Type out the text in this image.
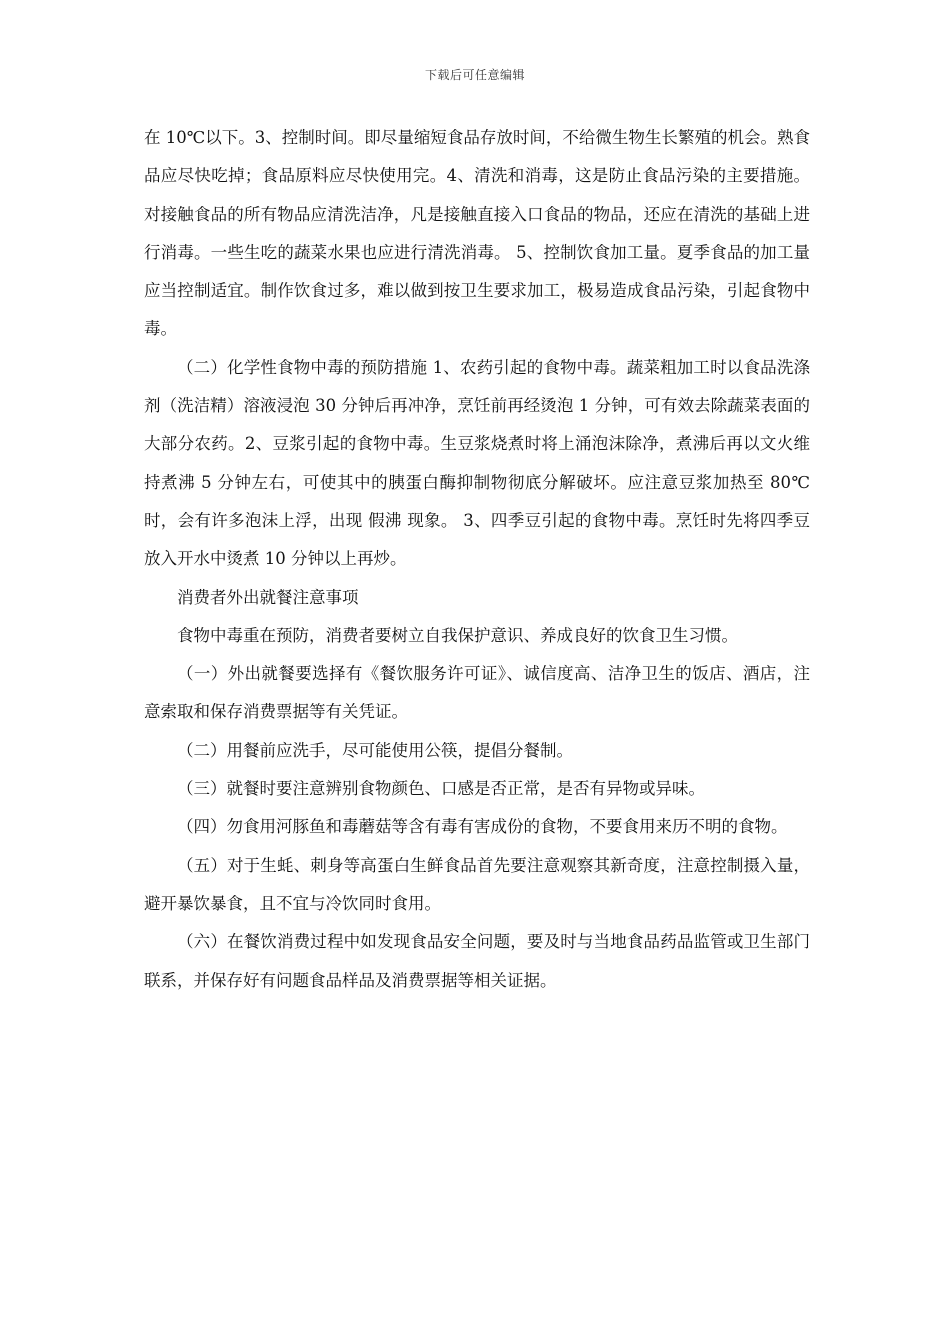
下载后可任意编辑

在 10℃以下。3、控制时间。即尽量缩短食品存放时间，不给微生物生长繁殖的机会。熟食品应尽快吃掉；食品原料应尽快使用完。4、清洗和消毒，这是防止食品污染的主要措施。对接触食品的所有物品应清洗洁净，凡是接触直接入口食品的物品，还应在清洗的基础上进行消毒。一些生吃的蔬菜水果也应进行清洗消毒。 5、控制饮食加工量。夏季食品的加工量应当控制适宜。制作饮食过多，难以做到按卫生要求加工，极易造成食品污染，引起食物中毒。

（二）化学性食物中毒的预防措施 1、农药引起的食物中毒。蔬菜粗加工时以食品洗涤剂（洗洁精）溶液浸泡 30 分钟后再冲净，烹饪前再经烫泡 1 分钟，可有效去除蔬菜表面的大部分农药。2、豆浆引起的食物中毒。生豆浆烧煮时将上涌泡沫除净，煮沸后再以文火维持煮沸 5 分钟左右，可使其中的胰蛋白酶抑制物彻底分解破坏。应注意豆浆加热至 80℃时，会有许多泡沫上浮，出现 假沸 现象。 3、四季豆引起的食物中毒。烹饪时先将四季豆放入开水中烫煮 10 分钟以上再炒。

消费者外出就餐注意事项

食物中毒重在预防，消费者要树立自我保护意识、养成良好的饮食卫生习惯。

（一）外出就餐要选择有《餐饮服务许可证》、诚信度高、洁净卫生的饭店、酒店，注意索取和保存消费票据等有关凭证。

（二）用餐前应洗手，尽可能使用公筷，提倡分餐制。

（三）就餐时要注意辨别食物颜色、口感是否正常，是否有异物或异味。

（四）勿食用河豚鱼和毒蘑菇等含有毒有害成份的食物，不要食用来历不明的食物。

（五）对于生蚝、刺身等高蛋白生鲜食品首先要注意观察其新奇度，注意控制摄入量，避开暴饮暴食，且不宜与冷饮同时食用。

（六）在餐饮消费过程中如发现食品安全问题，要及时与当地食品药品监管或卫生部门联系，并保存好有问题食品样品及消费票据等相关证据。
